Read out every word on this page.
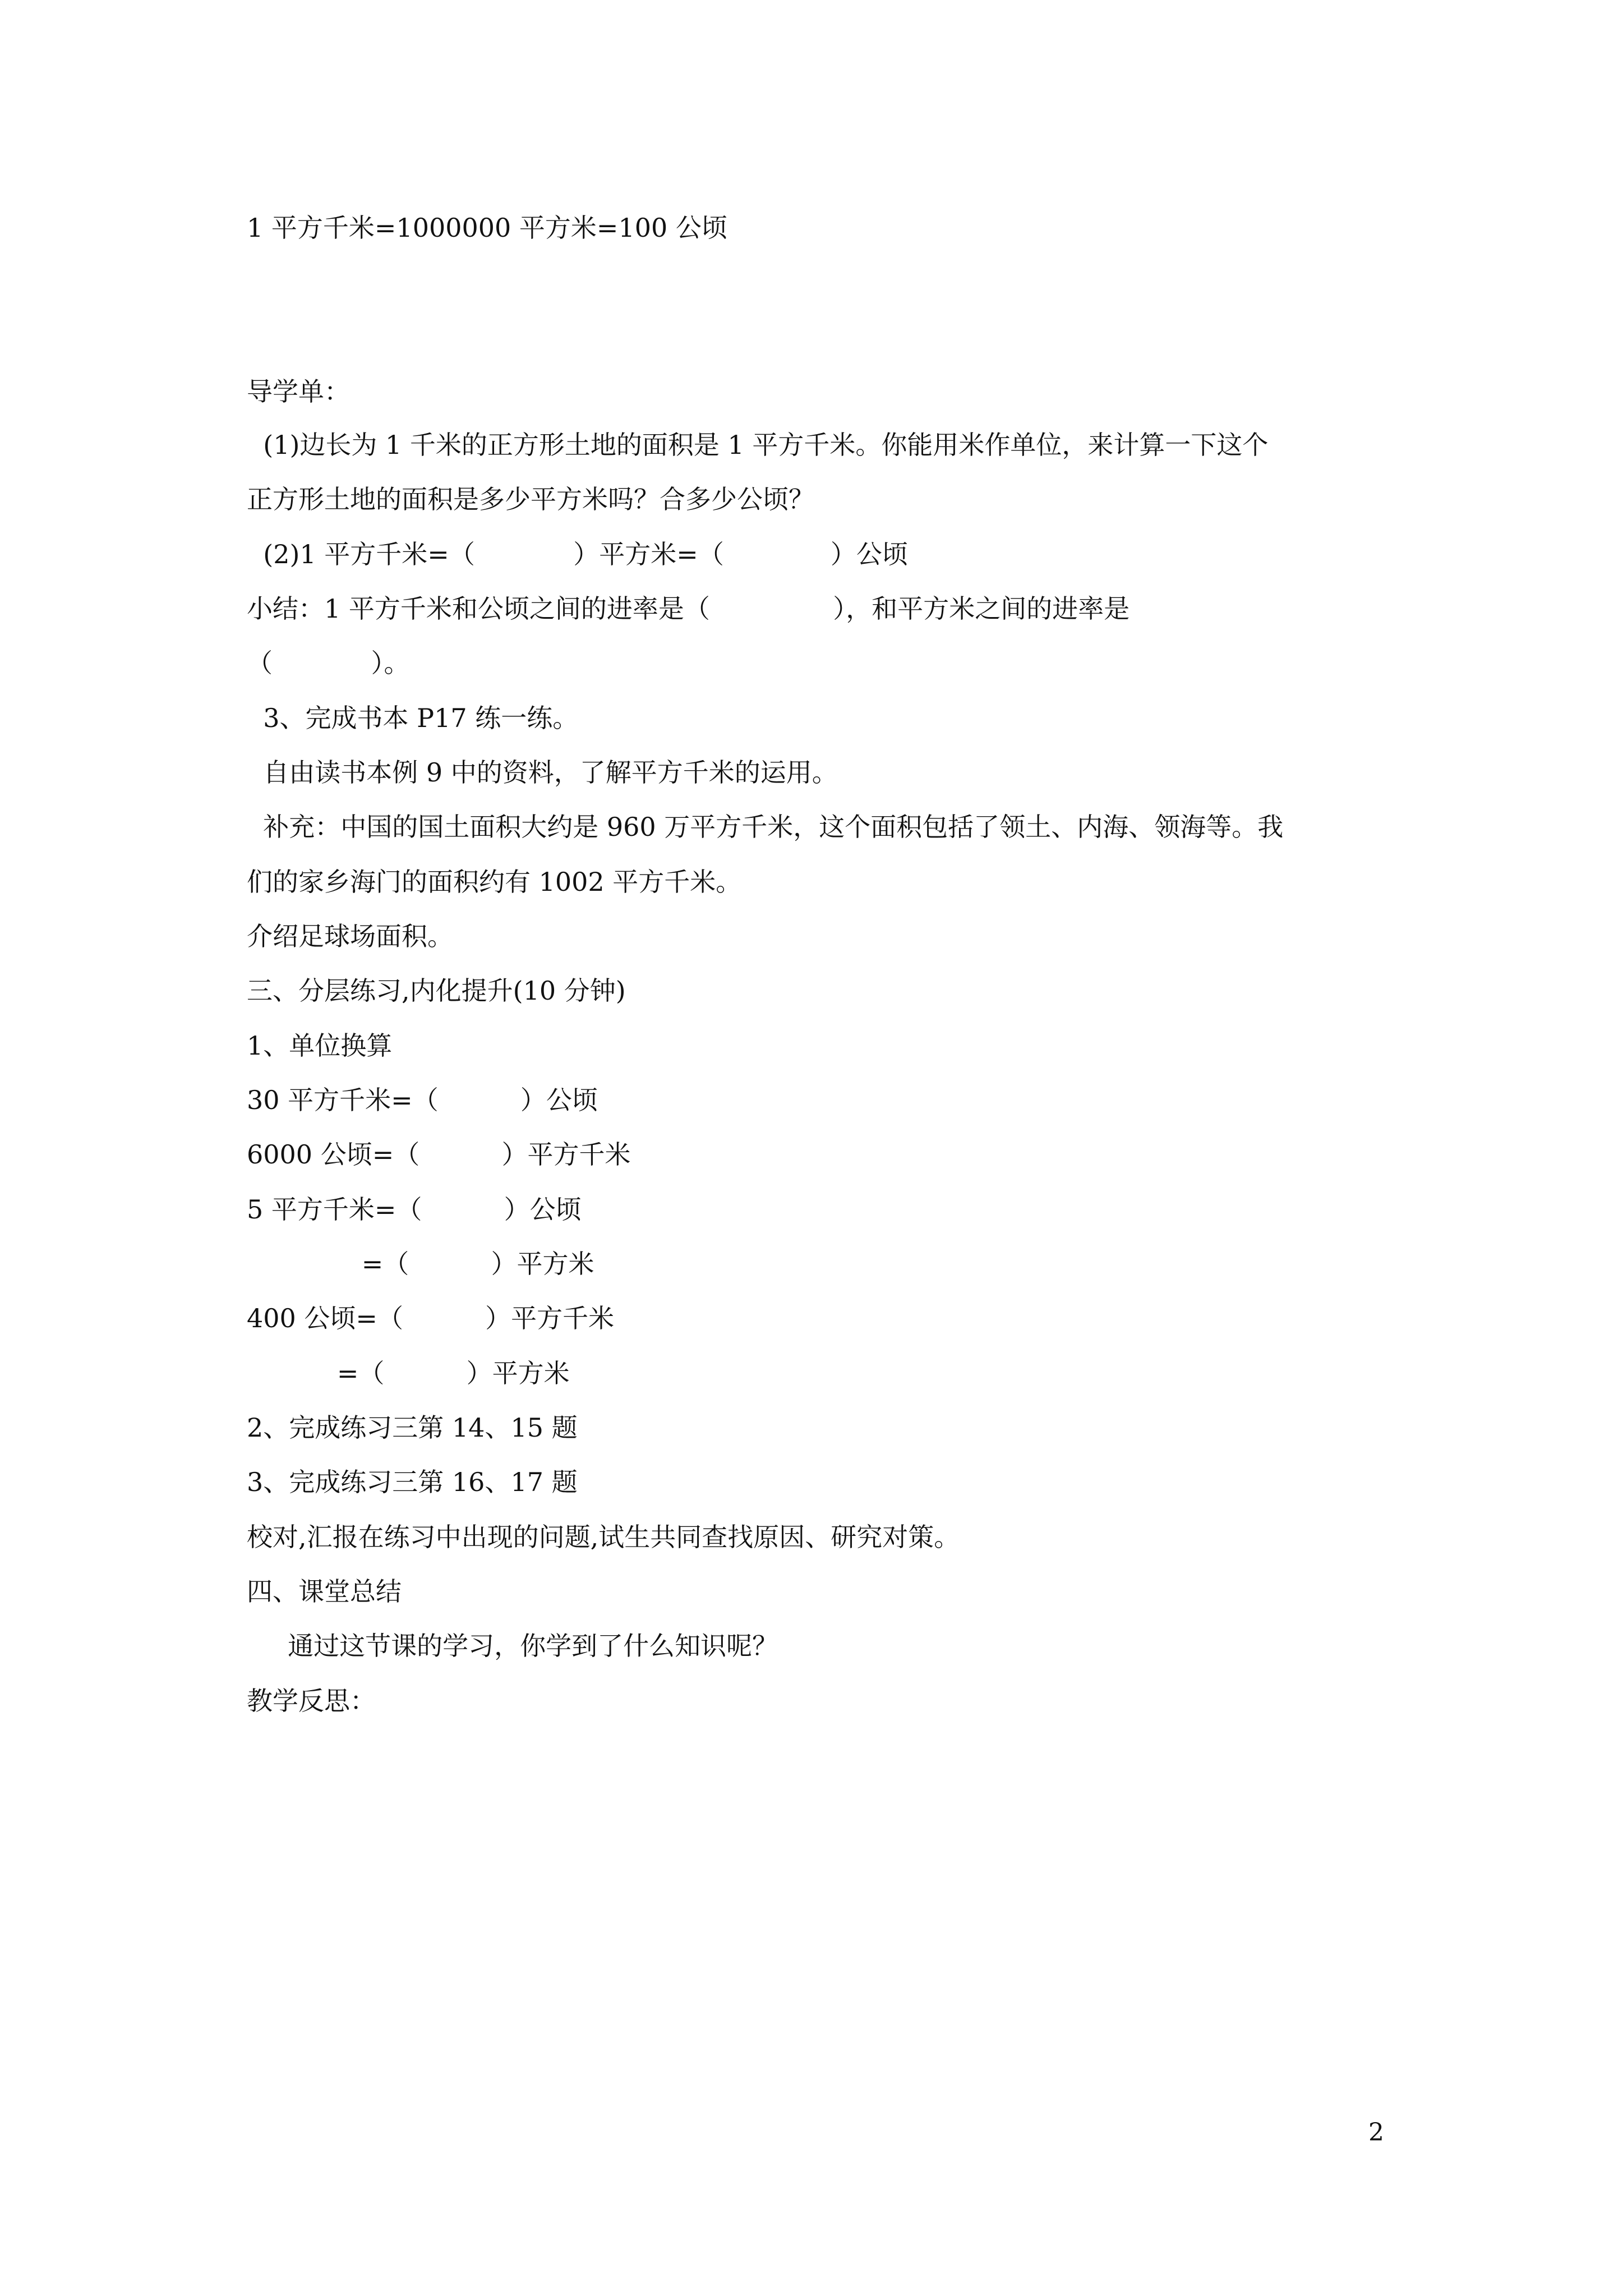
1 平方千米=1000000 平方米=100 公顷
导学单：
(1)边长为 1 千米的正方形土地的面积是 1 平方千米。你能用米作单位，来计算一下这个
正方形土地的面积是多少平方米吗？合多少公顷？
(2)1 平方千米=（            ）平方米=（             ）公顷
小结：1 平方千米和公顷之间的进率是（               ），和平方米之间的进率是
（            ）。
3、完成书本 P17 练一练。
自由读书本例 9 中的资料，了解平方千米的运用。
补充：中国的国土面积大约是 960 万平方千米，这个面积包括了领土、内海、领海等。我
们的家乡海门的面积约有 1002 平方千米。
介绍足球场面积。
三、分层练习,内化提升(10 分钟)
1、单位换算
30 平方千米=（          ）公顷
6000 公顷=（          ）平方千米
5 平方千米=（          ）公顷
=（          ）平方米
400 公顷=（          ）平方千米
=（          ）平方米
2、完成练习三第 14、15 题
3、完成练习三第 16、17 题
校对,汇报在练习中出现的问题,试生共同查找原因、研究对策。
四、课堂总结
通过这节课的学习，你学到了什么知识呢？
教学反思：
2
